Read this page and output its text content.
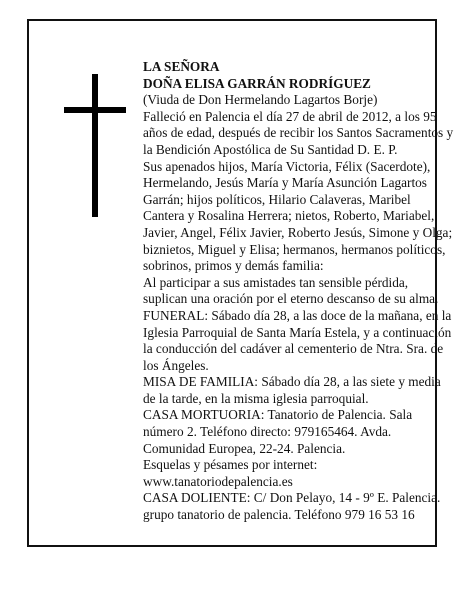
LA SEÑORA

DOÑA ELISA GARRÁN RODRÍGUEZ

(Viuda de Don Hermelando Lagartos Borje)

Falleció en Palencia el día 27 de abril de 2012, a los 95 años de edad, después de recibir los Santos Sacramentos y la Bendición Apostólica de Su Santidad D. E. P.

Sus apenados hijos, María Victoria, Félix (Sacerdote), Hermelando, Jesús María y María Asunción Lagartos Garrán; hijos políticos, Hilario Calaveras, Maribel Cantera y Rosalina Herrera; nietos, Roberto, Mariabel, Javier, Angel, Félix Javier, Roberto Jesús, Simone y Olga; biznietos, Miguel y Elisa; hermanos, hermanos políticos, sobrinos, primos y demás familia:

Al participar a sus amistades tan sensible pérdida, suplican una oración por el eterno descanso de su alma.

FUNERAL: Sábado día 28, a las doce de la mañana, en la Iglesia Parroquial de Santa María Estela, y a continuación la conducción del cadáver al cementerio de Ntra. Sra. de los Ángeles.

MISA DE FAMILIA: Sábado día 28, a las siete y media de la tarde, en la misma iglesia parroquial.

CASA MORTUORIA: Tanatorio de Palencia. Sala número 2. Teléfono directo: 979165464. Avda. Comunidad Europea, 22-24. Palencia.

Esquelas y pésames por internet: www.tanatoriodepalencia.es

CASA DOLIENTE: C/ Don Pelayo, 14 - 9º E. Palencia.

grupo tanatorio de palencia. Teléfono 979 16 53 16
